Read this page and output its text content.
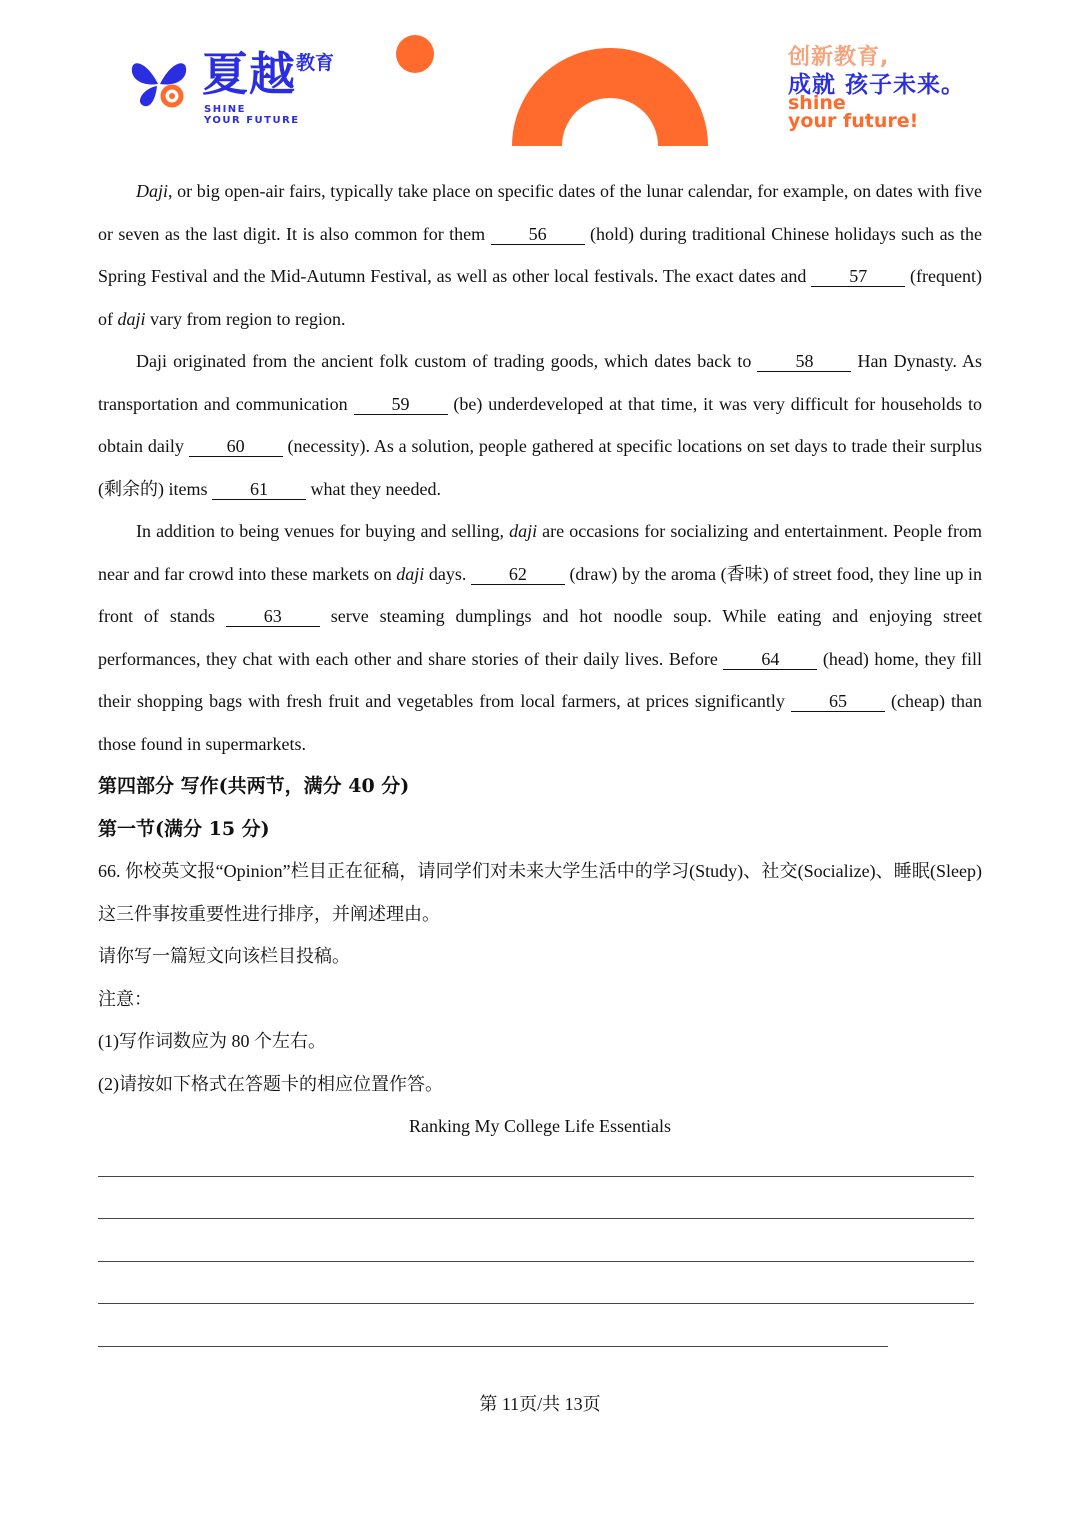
夏越 教育
SHINE
YOUR FUTURE
创新教育,
成就 孩子未来。
shine
your future!

Daji, or big open-air fairs, typically take place on specific dates of the lunar calendar, for example, on dates with five or seven as the last digit. It is also common for them 56 (hold) during traditional Chinese holidays such as the Spring Festival and the Mid-Autumn Festival, as well as other local festivals. The exact dates and 57 (frequent) of daji vary from region to region.

Daji originated from the ancient folk custom of trading goods, which dates back to 58 Han Dynasty. As transportation and communication 59 (be) underdeveloped at that time, it was very difficult for households to obtain daily 60 (necessity). As a solution, people gathered at specific locations on set days to trade their surplus (剩余的) items 61 what they needed.

In addition to being venues for buying and selling, daji are occasions for socializing and entertainment. People from near and far crowd into these markets on daji days. 62 (draw) by the aroma (香味) of street food, they line up in front of stands 63 serve steaming dumplings and hot noodle soup. While eating and enjoying street performances, they chat with each other and share stories of their daily lives. Before 64 (head) home, they fill their shopping bags with fresh fruit and vegetables from local farmers, at prices significantly 65 (cheap) than those found in supermarkets.

第四部分 写作(共两节，满分 40 分)
第一节(满分 15 分)

66. 你校英文报“Opinion”栏目正在征稿，请同学们对未来大学生活中的学习(Study)、社交(Socialize)、睡眠(Sleep)这三件事按重要性进行排序，并阐述理由。

请你写一篇短文向该栏目投稿。
注意：
(1)写作词数应为 80 个左右。
(2)请按如下格式在答题卡的相应位置作答。
Ranking My College Life Essentials
第 11页/共 13页
